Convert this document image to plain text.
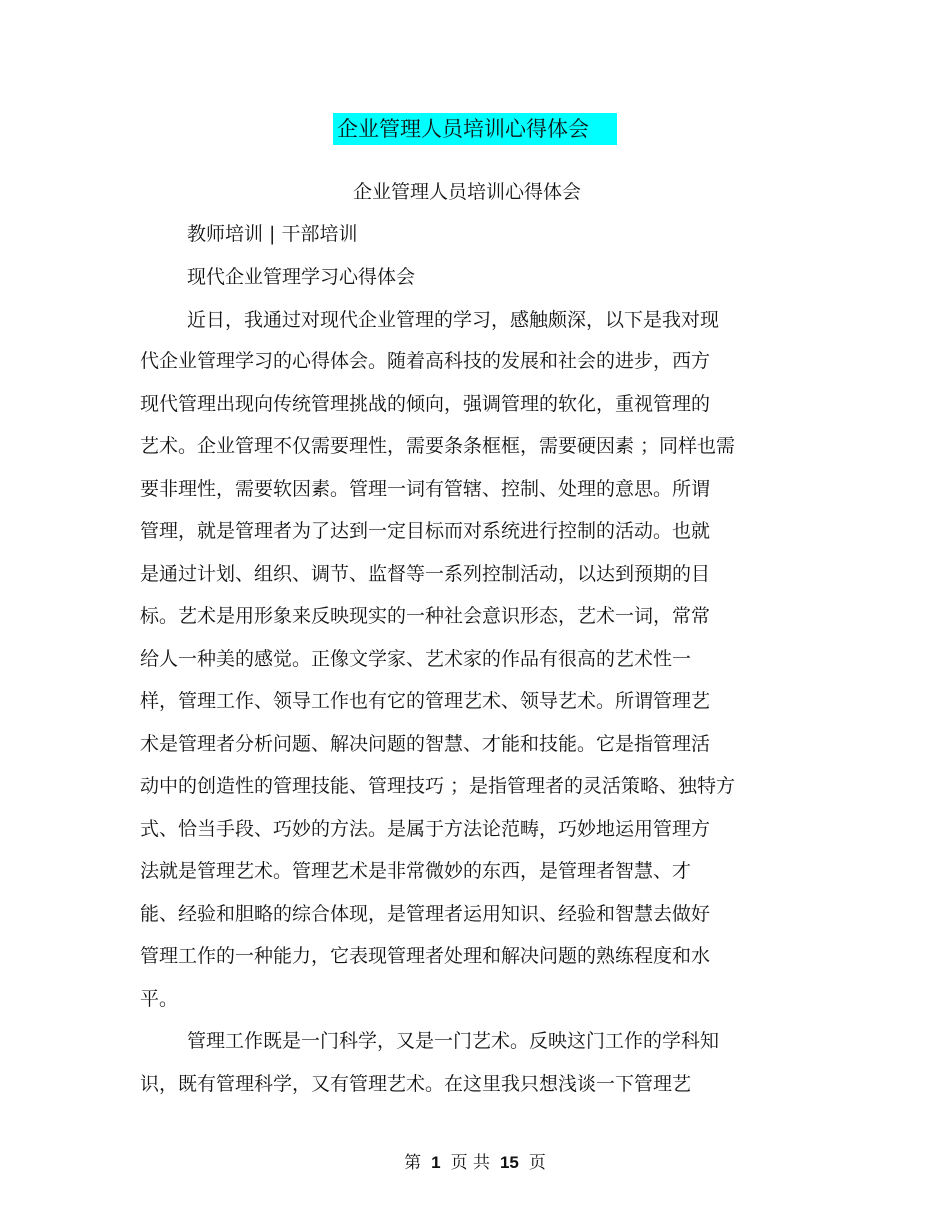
企业管理人员培训心得体会
企业管理人员培训心得体会
教师培训 | 干部培训
现代企业管理学习心得体会
近日，我通过对现代企业管理的学习，感触颇深，以下是我对现
代企业管理学习的心得体会。随着高科技的发展和社会的进步，西方
现代管理出现向传统管理挑战的倾向，强调管理的软化，重视管理的
艺术。企业管理不仅需要理性，需要条条框框，需要硬因素 ；同样也需
要非理性，需要软因素。管理一词有管辖、控制、处理的意思。所谓
管理，就是管理者为了达到一定目标而对系统进行控制的活动。也就
是通过计划、组织、调节、监督等一系列控制活动，以达到预期的目
标。艺术是用形象来反映现实的一种社会意识形态，艺术一词，常常
给人一种美的感觉。正像文学家、艺术家的作品有很高的艺术性一
样，管理工作、领导工作也有它的管理艺术、领导艺术。所谓管理艺
术是管理者分析问题、解决问题的智慧、才能和技能。它是指管理活
动中的创造性的管理技能、管理技巧 ；是指管理者的灵活策略、独特方
式、恰当手段、巧妙的方法。是属于方法论范畴，巧妙地运用管理方
法就是管理艺术。管理艺术是非常微妙的东西，是管理者智慧、才
能、经验和胆略的综合体现，是管理者运用知识、经验和智慧去做好
管理工作的一种能力，它表现管理者处理和解决问题的熟练程度和水
平。
管理工作既是一门科学，又是一门艺术。反映这门工作的学科知
识，既有管理科学，又有管理艺术。在这里我只想浅谈一下管理艺
第 1 页 共 15 页
